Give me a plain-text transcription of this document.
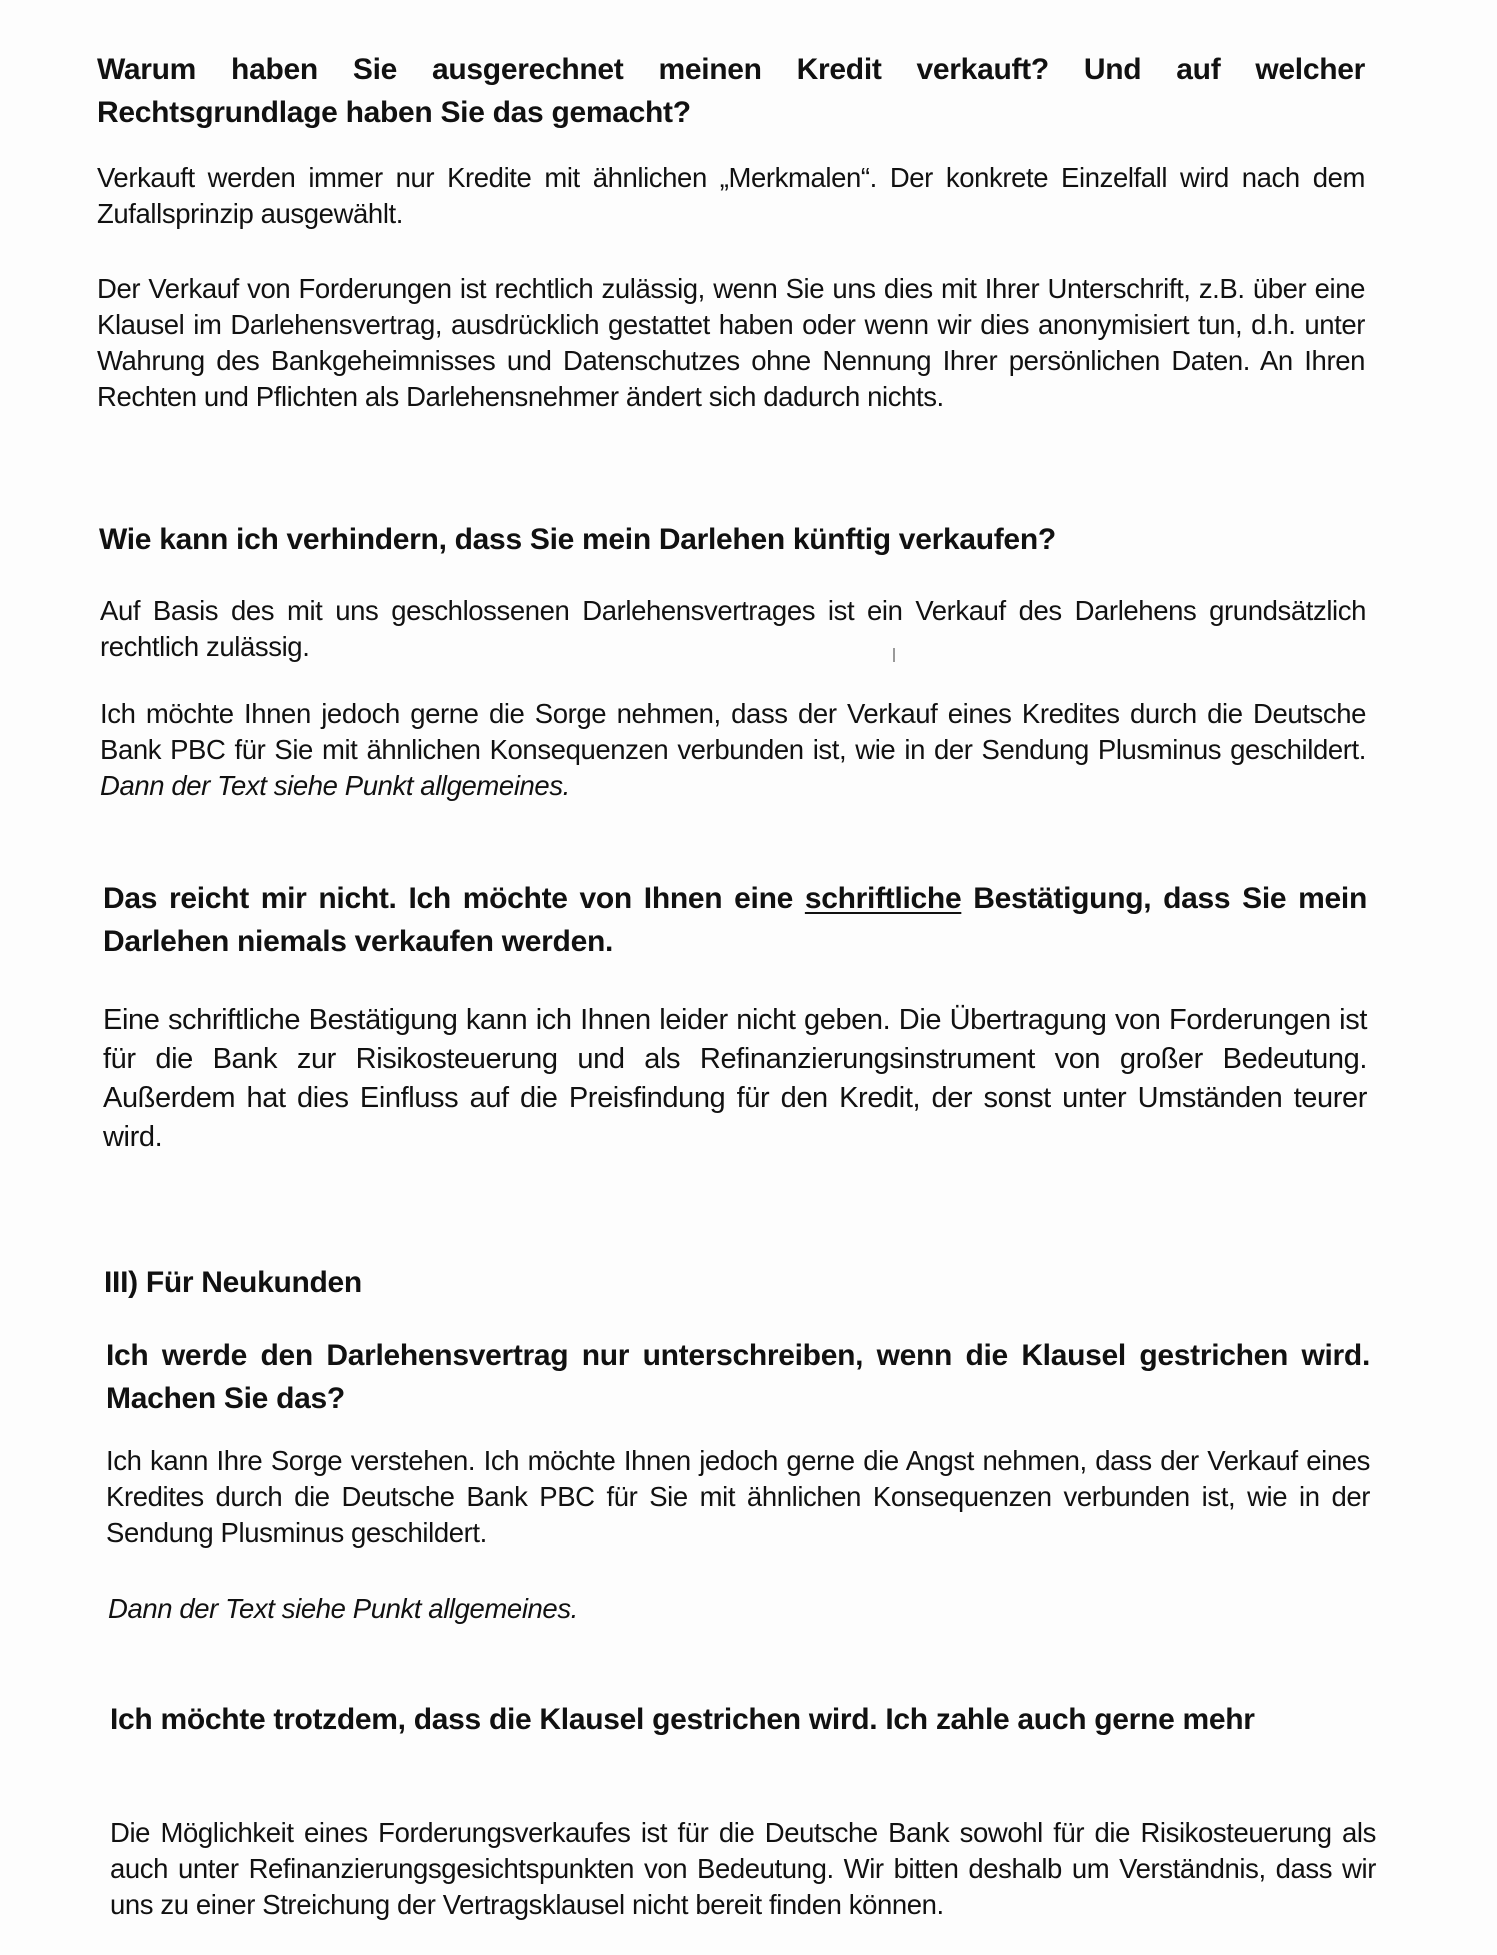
Warum haben Sie ausgerechnet meinen Kredit verkauft? Und auf welcher Rechtsgrundlage haben Sie das gemacht?
Verkauft werden immer nur Kredite mit ähnlichen „Merkmalen“. Der konkrete Einzelfall wird nach dem Zufallsprinzip ausgewählt.
Der Verkauf von Forderungen ist rechtlich zulässig, wenn Sie uns dies mit Ihrer Unterschrift, z.B. über eine Klausel im Darlehensvertrag, ausdrücklich gestattet haben oder wenn wir dies anonymisiert tun, d.h. unter Wahrung des Bankgeheimnisses und Datenschutzes ohne Nennung Ihrer persönlichen Daten. An Ihren Rechten und Pflichten als Darlehensnehmer ändert sich dadurch nichts.
Wie kann ich verhindern, dass Sie mein Darlehen künftig verkaufen?
Auf Basis des mit uns geschlossenen Darlehensvertrages ist ein Verkauf des Darlehens grundsätzlich rechtlich zulässig.
Ich möchte Ihnen jedoch gerne die Sorge nehmen, dass der Verkauf eines Kredites durch die Deutsche Bank PBC für Sie mit ähnlichen Konsequenzen verbunden ist, wie in der Sendung Plusminus geschildert. Dann der Text siehe Punkt allgemeines.
Das reicht mir nicht. Ich möchte von Ihnen eine schriftliche Bestätigung, dass Sie mein Darlehen niemals verkaufen werden.
Eine schriftliche Bestätigung kann ich Ihnen leider nicht geben. Die Übertragung von Forderungen ist für die Bank zur Risikosteuerung und als Refinanzierungsinstrument von großer Bedeutung. Außerdem hat dies Einfluss auf die Preisfindung für den Kredit, der sonst unter Umständen teurer wird.
III) Für Neukunden
Ich werde den Darlehensvertrag nur unterschreiben, wenn die Klausel gestrichen wird. Machen Sie das?
Ich kann Ihre Sorge verstehen. Ich möchte Ihnen jedoch gerne die Angst nehmen, dass der Verkauf eines Kredites durch die Deutsche Bank PBC für Sie mit ähnlichen Konsequenzen verbunden ist, wie in der Sendung Plusminus geschildert.
Dann der Text siehe Punkt allgemeines.
Ich möchte trotzdem, dass die Klausel gestrichen wird. Ich zahle auch gerne mehr
Die Möglichkeit eines Forderungsverkaufes ist für die Deutsche Bank sowohl für die Risikosteuerung als auch unter Refinanzierungsgesichtspunkten von Bedeutung. Wir bitten deshalb um Verständnis, dass wir uns zu einer Streichung der Vertragsklausel nicht bereit finden können.
